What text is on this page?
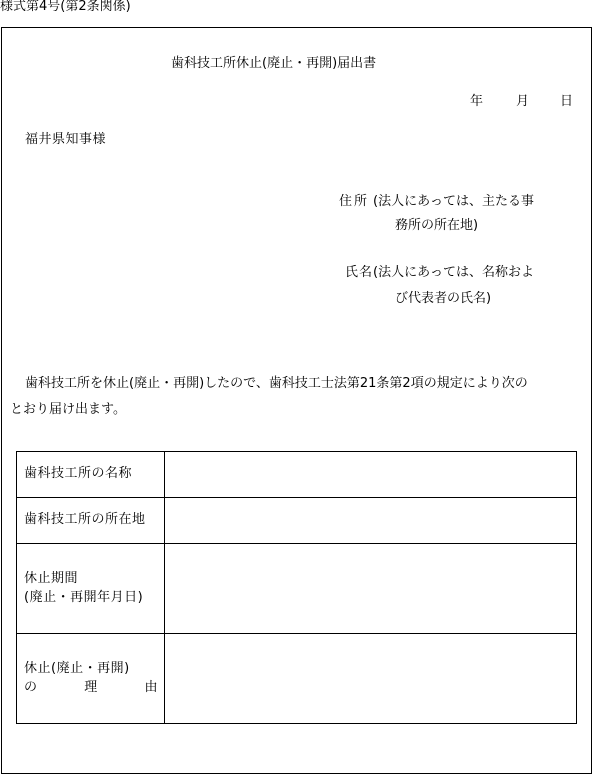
様式第4号(第2条関係)
歯科技工所休止(廃止・再開)届出書
年	月 日
福井県知事様
住所 (法人にあっては、主たる事
務所の所在地)
氏名 (法人にあっては、名称およ
び代表者の氏名)
歯科技工所を休止(廃止・再開)したので、歯科技工士法第21条第2項の規定により次の
とおり届け出ます。
歯科技工所の名称	
歯科技工所の所在地	

休止期間
(廃止・再開年月日)	

休止(廃止・再開)
の 理 由	
